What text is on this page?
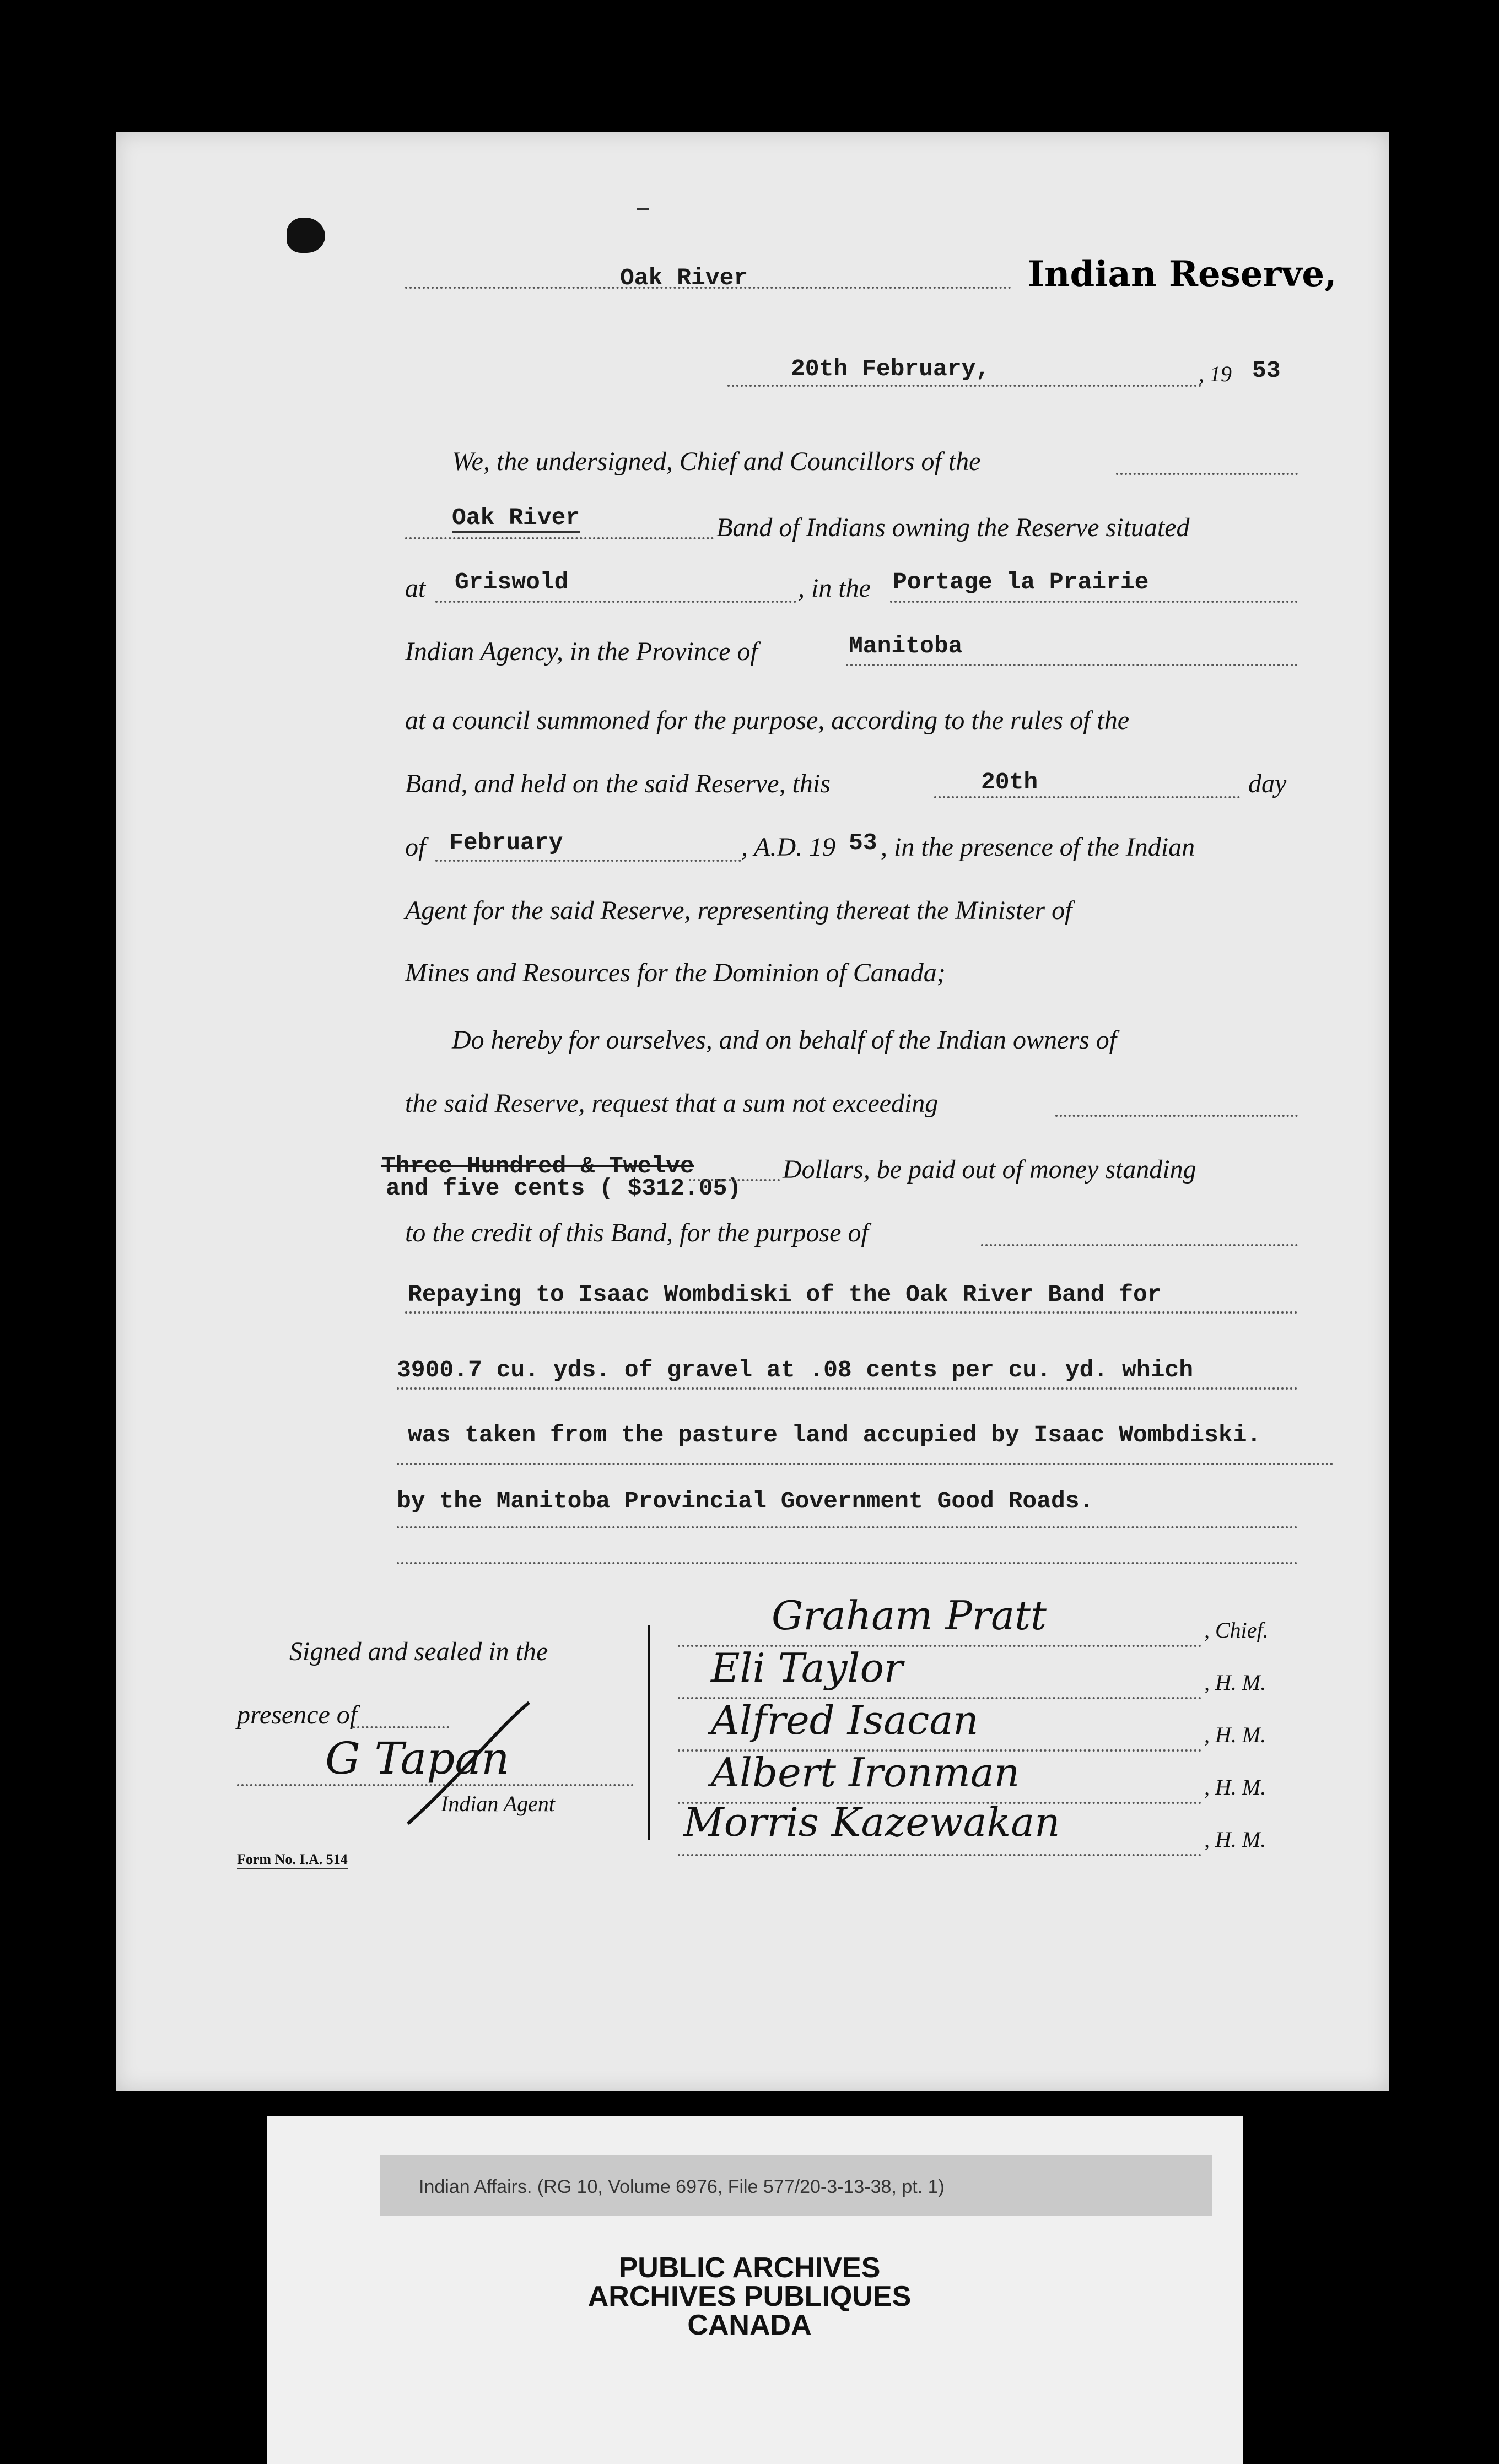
Oak River	Indian Reserve,
20th February,	, 19 53
We, the undersigned, Chief and Councillors of the
Oak River	Band of Indians owning the Reserve situated
at Griswold	, in the Portage la Prairie
Indian Agency, in the Province of	Manitoba
at a council summoned for the purpose, according to the rules of the
Band, and held on the said Reserve, this	20th	day
of February	, A.D. 19 53 , in the presence of the Indian
Agent for the said Reserve, representing thereat the Minister of
Mines and Resources for the Dominion of Canada;
Do hereby for ourselves, and on behalf of the Indian owners of
the said Reserve, request that a sum not exceeding
Three Hundred & Twelve
and five cents ( $312.05)
Dollars, be paid out of money standing
to the credit of this Band, for the purpose of
Repaying to Isaac Wombdiski of the Oak River Band for
3900.7 cu. yds. of gravel at .08 cents per cu. yd. which
was taken from the pasture land accupied by Isaac Wombdiski.
by the Manitoba Provincial Government Good Roads.
Signed and sealed in the
presence of
G Tapan
Indian Agent
Form No. I.A. 514
Graham Pratt	, Chief.
Eli Taylor	, H. M.
Alfred Isacan	, H. M.
Albert Ironman	, H. M.
Morris Kazewakan	, H. M.
Indian Affairs. (RG 10, Volume 6976, File 577/20-3-13-38, pt. 1)
PUBLIC ARCHIVES
ARCHIVES PUBLIQUES
CANADA
